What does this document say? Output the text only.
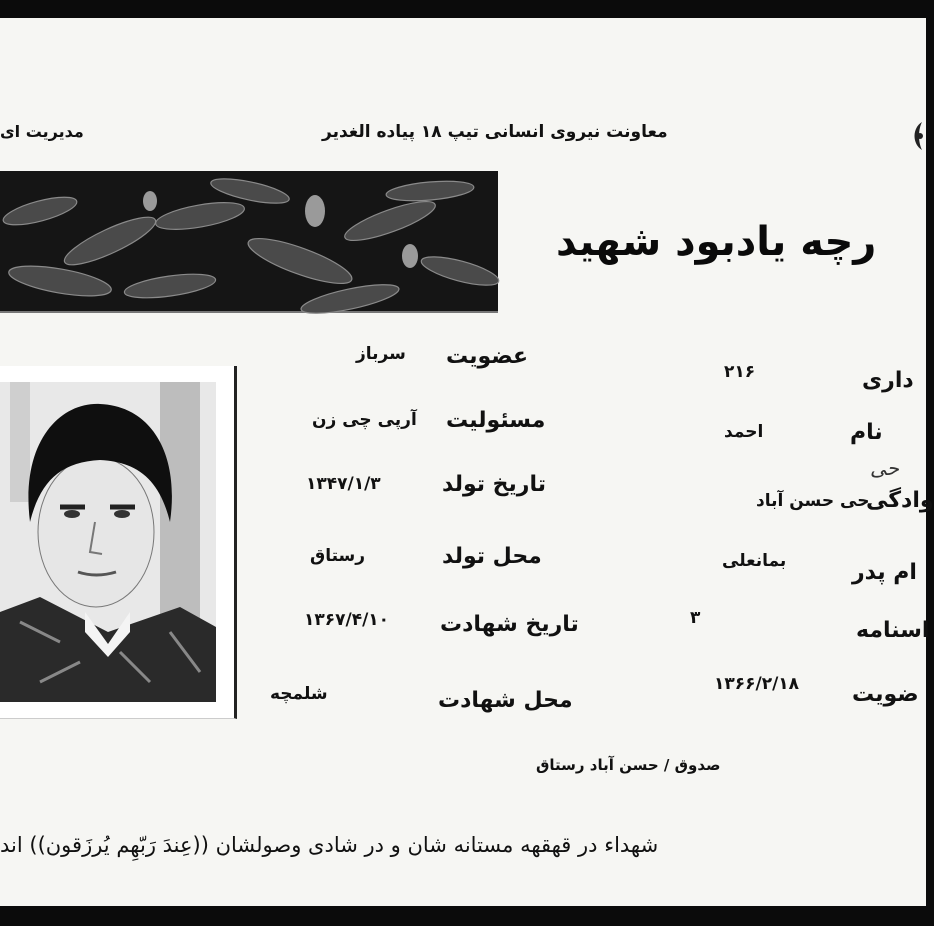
معاونت نیروی انسانی تیپ ۱۸ پیاده الغدیر
مدیریت ای
رچه یادبود شهید
داری
۲۱۶
نام
احمد
وادگی
حی حسن آباد
حی
ام پدر
بمانعلی
اسنامه
۳
ضویت
۱۳۶۶/۲/۱۸
عضویت
سرباز
مسئولیت
آرپی چی زن
تاریخ تولد
۱۳۴۷/۱/۳
محل تولد
رستاق
تاریخ شهادت
۱۳۶۷/۴/۱۰
محل شهادت
شلمچه
صدوق / حسن آباد رستاق
شهداء در قهقهه مستانه شان و در شادی وصولشان ((عِندَ رَبّهِم یُرزَقون)) اند
